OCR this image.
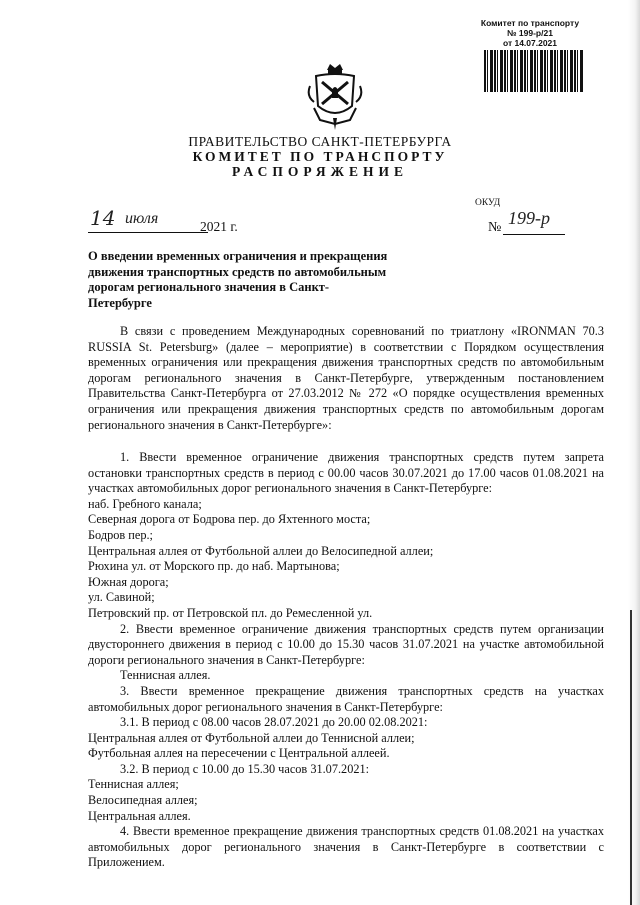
Комитет по транспорту
№ 199-р/21
от 14.07.2021
ПРАВИТЕЛЬСТВО САНКТ-ПЕТЕРБУРГА
КОМИТЕТ ПО ТРАНСПОРТУ
РАСПОРЯЖЕНИЕ
ОКУД
14 июля	2021 г.	№ 199-р
О введении временных ограничения и прекращения движения транспортных средств по автомобильным дорогам регионального значения в Санкт-Петербурге
В связи с проведением Международных соревнований по триатлону «IRONMAN 70.3 RUSSIA St. Petersburg» (далее – мероприятие) в соответствии с Порядком осуществления временных ограничения или прекращения движения транспортных средств по автомобильным дорогам регионального значения в Санкт-Петербурге, утвержденным постановлением Правительства Санкт-Петербурга от 27.03.2012 № 272 «О порядке осуществления временных ограничения или прекращения движения транспортных средств по автомобильным дорогам регионального значения в Санкт-Петербурге»:

1. Ввести временное ограничение движения транспортных средств путем запрета остановки транспортных средств в период с 00.00 часов 30.07.2021 до 17.00 часов 01.08.2021 на участках автомобильных дорог регионального значения в Санкт-Петербурге:

наб. Гребного канала;

Северная дорога от Бодрова пер. до Яхтенного моста;

Бодров пер.;

Центральная аллея от Футбольной аллеи до Велосипедной аллеи;

Рюхина ул. от Морского пр. до наб. Мартынова;

Южная дорога;

ул. Савиной;

Петровский пр. от Петровской пл. до Ремесленной ул.

2. Ввести временное ограничение движения транспортных средств путем организации двустороннего движения в период с 10.00 до 15.30 часов 31.07.2021 на участке автомобильной дороги регионального значения в Санкт-Петербурге:

Теннисная аллея.

3. Ввести временное прекращение движения транспортных средств на участках автомобильных дорог регионального значения в Санкт-Петербурге:

3.1. В период с 08.00 часов 28.07.2021 до 20.00 02.08.2021:

Центральная аллея от Футбольной аллеи до Теннисной аллеи;

Футбольная аллея на пересечении с Центральной аллеей.

3.2. В период с 10.00 до 15.30 часов 31.07.2021:

Теннисная аллея;

Велосипедная аллея;

Центральная аллея.

4. Ввести временное прекращение движения транспортных средств 01.08.2021 на участках автомобильных дорог регионального значения в Санкт-Петербурге в соответствии с Приложением.
